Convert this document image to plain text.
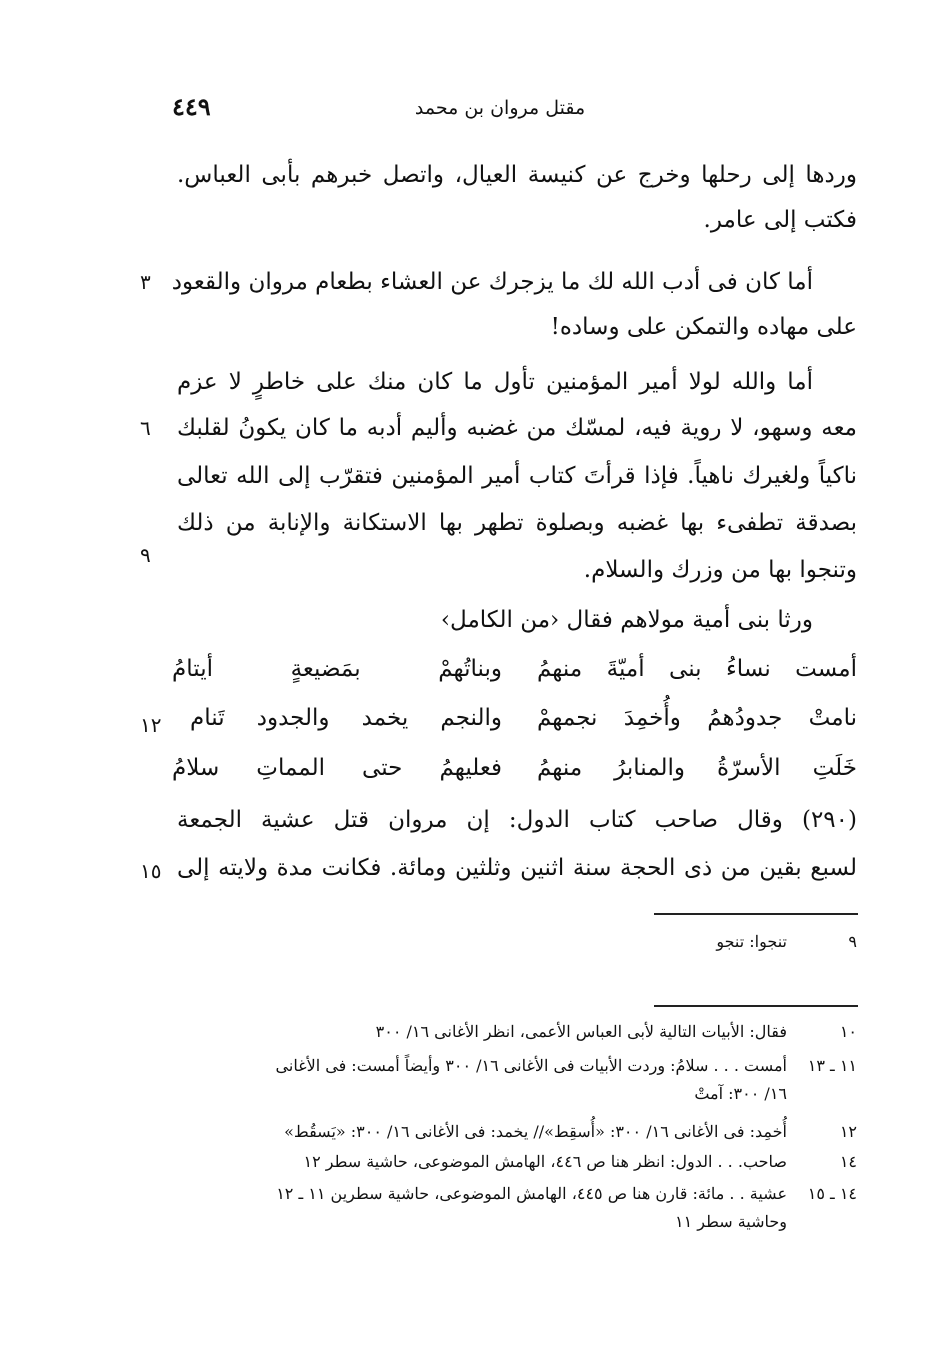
٤٤٩	مقتل مروان بن محمد
وردها إلى رحلها وخرج عن كنيسة العيال، واتصل خبرهم بأبى العباس.
فكتب إلى عامر.
أما كان فى أدب الله لك ما يزجرك عن العشاء بطعام مروان والقعود
على مهاده والتمكن على وساده!
أما والله لولا أمير المؤمنين تأول ما كان منك على خاطرٍ لا عزم
معه وسهو، لا روية فيه، لمسّك من غضبه وأليم أدبه ما كان يكونُ لقلبك
ناكياً ولغيرك ناهياً. فإذا قرأتَ كتاب أمير المؤمنين فتقرّب إلى الله تعالى
بصدقة تطفىء بها غضبه وبصلوة تطهر بها الاستكانة والإنابة من ذلك
وتنجوا بها من وزرك والسلام.
ورثا بنى أمية مولاهم فقال ‹من الكامل›
٣
٦
٩
١٢
١٥
أمست نساءُ بنى أميّةَ منهمُ
وبناتُهمْ بمَضيعةٍ أيتامُ
نامتْ جدودُهمُ وأُخمِدَ نجمهمْ
والنجم يخمد والجدود تَنام
خَلَتِ الأسرّةُ والمنابرُ منهمُ
فعليهمُ حتى المماتِ سلامُ
(٢٩٠) وقال صاحب كتاب الدول: إن مروان قتل عشية الجمعة
لسبع بقين من ذى الحجة سنة اثنين وثلثين ومائة. فكانت مدة ولايته إلى
٩
تنجوا: تنجو
١٠
فقال: الأبيات التالية لأبى العباس الأعمى، انظر الأغانى ١٦/ ٣٠٠
١١ ـ ١٣
أمست . . . سلامُ: وردت الأبيات فى الأغانى ١٦/ ٣٠٠ وأيضاً أمست: فى الأغانى
١٦/ ٣٠٠: آمتْ
١٢
أُخمِد: فى الأغانى ١٦/ ٣٠٠: «أُسقِط»// يخمد: فى الأغانى ١٦/ ٣٠٠: «يَسقُط»
١٤
صاحب. . . الدول: انظر هنا ص ٤٤٦، الهامش الموضوعى، حاشية سطر ١٢
١٤ ـ ١٥
عشية . . مائة: قارن هنا ص ٤٤٥، الهامش الموضوعى، حاشية سطرين ١١ ـ ١٢
وحاشية سطر ١١
